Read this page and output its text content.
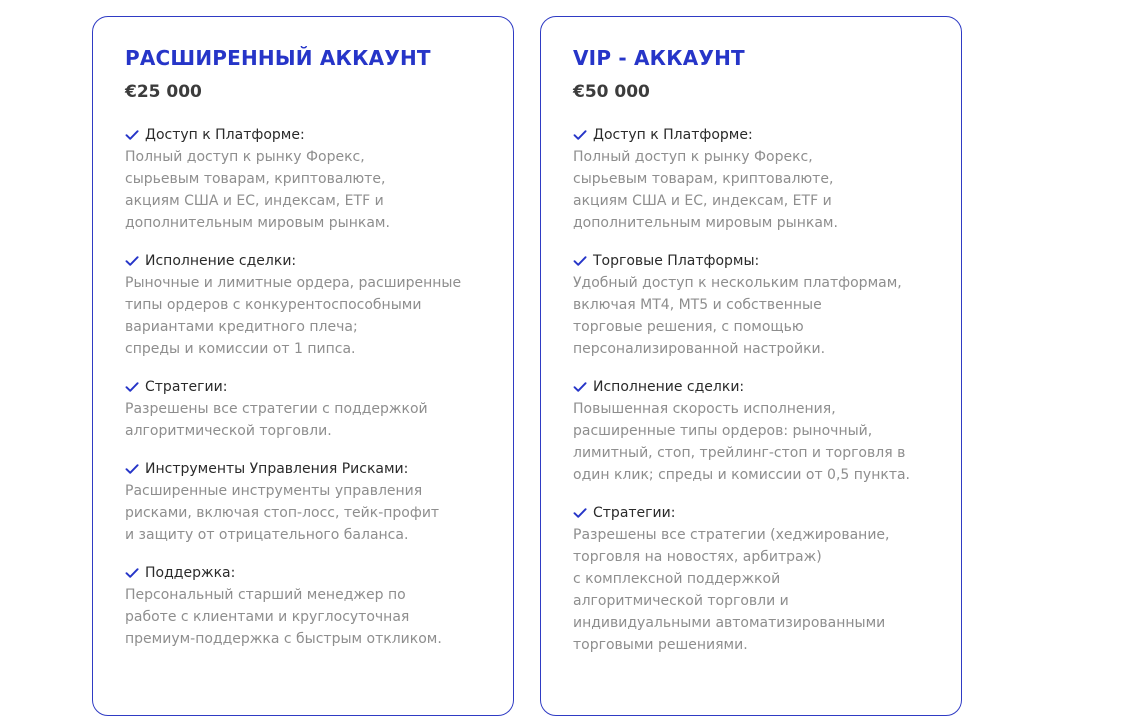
РАСШИРЕННЫЙ АККАУНТ
€25 000
Доступ к Платформе:

Полный доступ к рынку Форекс,
сырьевым товарам, криптовалюте,
акциям США и ЕС, индексам, ETF и
дополнительным мировым рынкам.

Исполнение сделки:

Рыночные и лимитные ордера, расширенные
типы ордеров с конкурентоспособными
вариантами кредитного плеча;
спреды и комиссии от 1 пипса.

Стратегии:

Разрешены все стратегии с поддержкой
алгоритмической торговли.

Инструменты Управления Рисками:

Расширенные инструменты управления
рисками, включая стоп-лосс, тейк-профит
и защиту от отрицательного баланса.

Поддержка:

Персональный старший менеджер по
работе с клиентами и круглосуточная
премиум-поддержка с быстрым откликом.

VIP - АККАУНТ
€50 000
Доступ к Платформе:

Полный доступ к рынку Форекс,
сырьевым товарам, криптовалюте,
акциям США и ЕС, индексам, ETF и
дополнительным мировым рынкам.

Торговые Платформы:

Удобный доступ к нескольким платформам,
включая MT4, MT5 и собственные
торговые решения, с помощью
персонализированной настройки.

Исполнение сделки:

Повышенная скорость исполнения,
расширенные типы ордеров: рыночный,
лимитный, стоп, трейлинг-стоп и торговля в
один клик; спреды и комиссии от 0,5 пункта.

Стратегии:

Разрешены все стратегии (хеджирование,
торговля на новостях, арбитраж)
с комплексной поддержкой
алгоритмической торговли и
индивидуальными автоматизированными
торговыми решениями.
